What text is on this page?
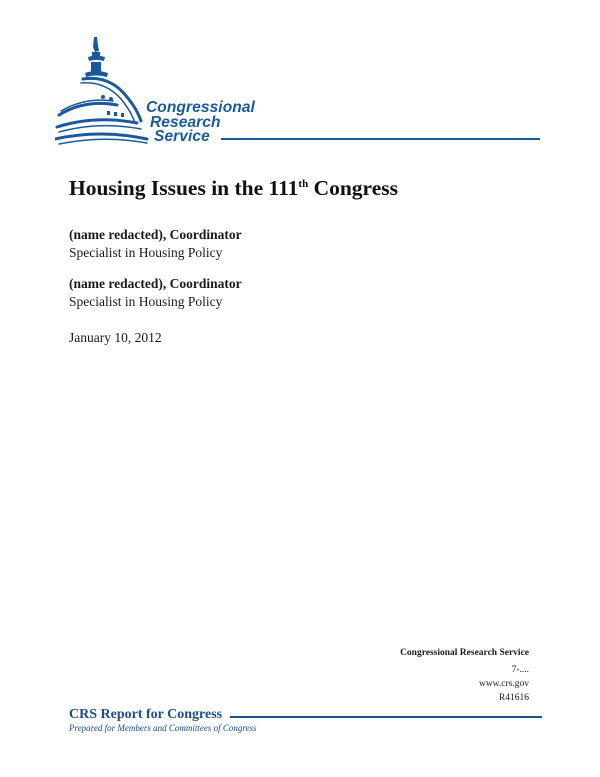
Congressional
Research
Service
Housing Issues in the 111th Congress
(name redacted), Coordinator
Specialist in Housing Policy
(name redacted), Coordinator
Specialist in Housing Policy
January 10, 2012
Congressional Research Service
7-....
www.crs.gov
R41616
CRS Report for Congress
Prepared for Members and Committees of Congress
